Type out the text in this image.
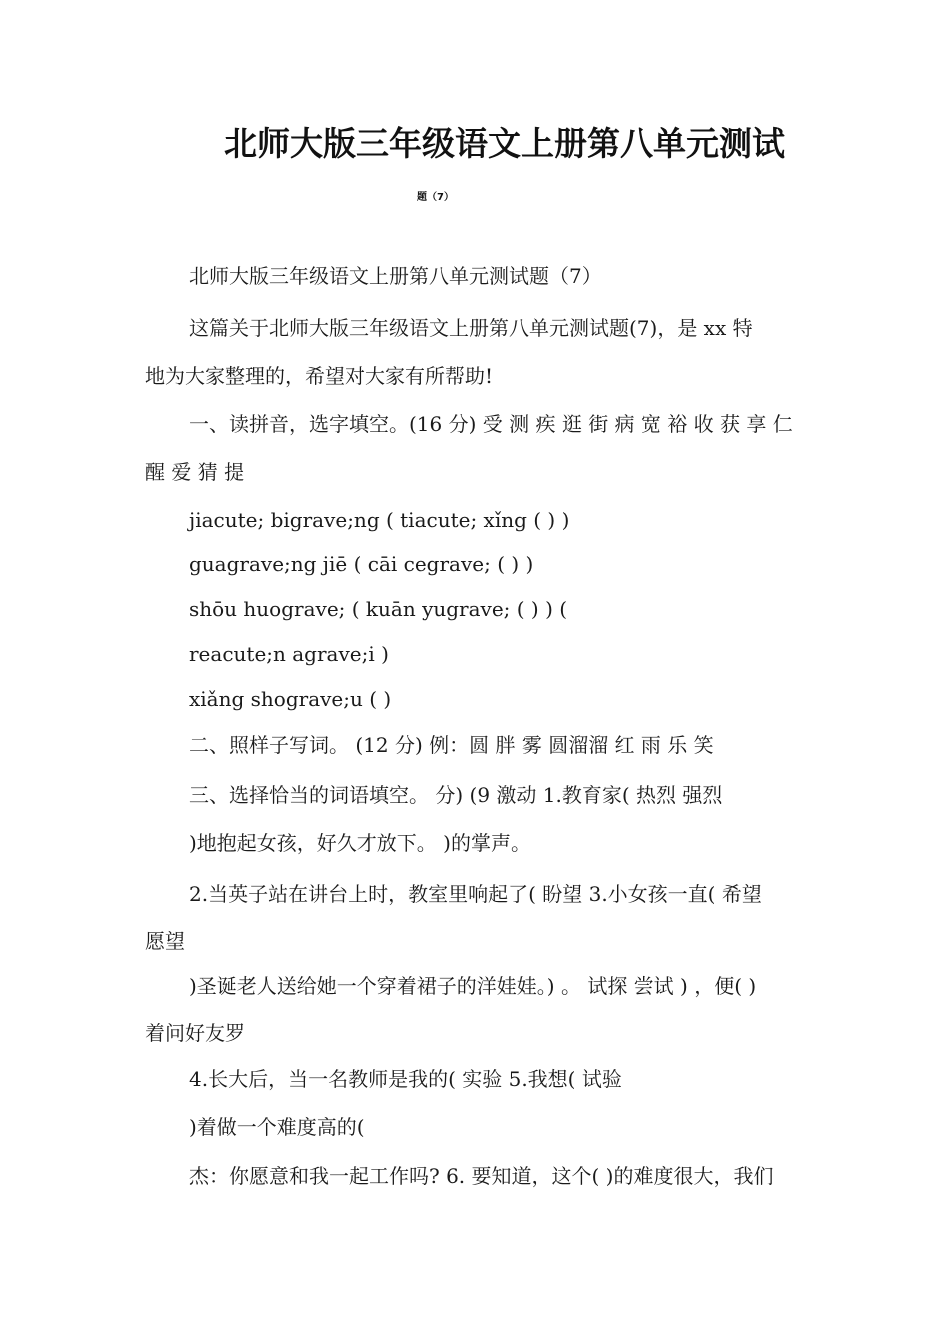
北师大版三年级语文上册第八单元测试
题（7）
北师大版三年级语文上册第八单元测试题（7）
这篇关于北师大版三年级语文上册第八单元测试题(7)，是 xx 特
地为大家整理的，希望对大家有所帮助!
一、读拼音，选字填空。(16 分) 受 测 疾 逛 街 病 宽 裕 收 获 享 仁
醒 爱 猜 提
jiacute; bigrave;ng ( tiacute; xǐng ( ) )
guagrave;ng jiē ( cāi cegrave; ( ) )
shōu huograve; ( kuān yugrave; ( ) ) (
reacute;n agrave;i )
xiǎng shograve;u ( )
二、照样子写词。 (12 分) 例：圆 胖 雾 圆溜溜 红 雨 乐 笑
三、选择恰当的词语填空。 分) (9 激动 1.教育家( 热烈 强烈
)地抱起女孩，好久才放下。 )的掌声。
2.当英子站在讲台上时，教室里响起了( 盼望 3.小女孩一直( 希望
愿望
)圣诞老人送给她一个穿着裙子的洋娃娃。) 。 试探 尝试 ) ，便( )
着问好友罗
4.长大后，当一名教师是我的( 实验 5.我想( 试验
)着做一个难度高的(
杰：你愿意和我一起工作吗? 6. 要知道，这个( )的难度很大，我们
